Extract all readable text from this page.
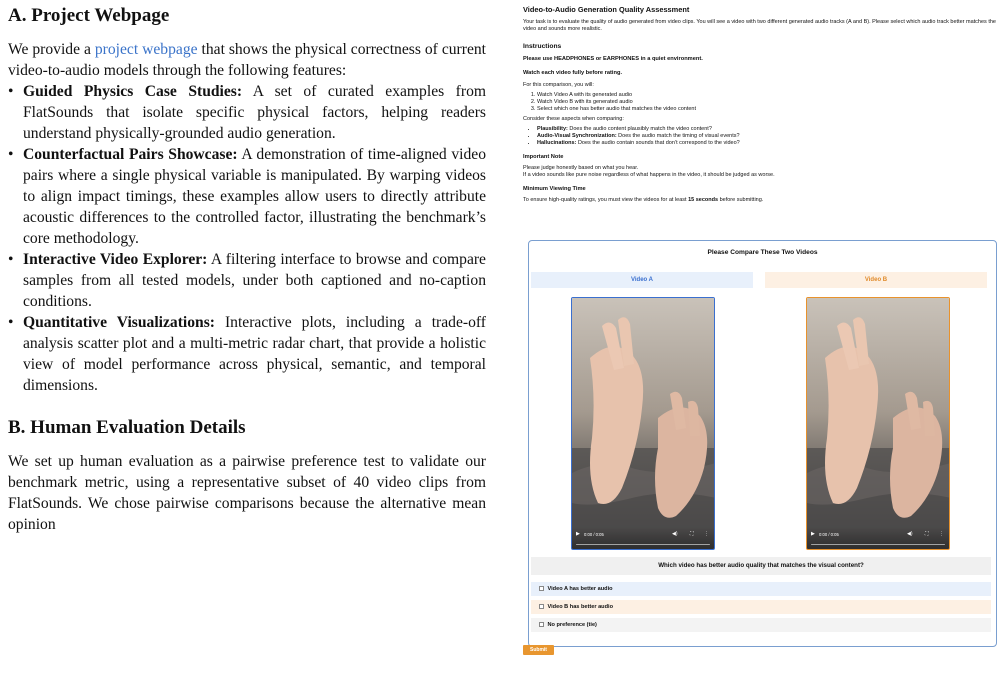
A. Project Webpage

We provide a project webpage that shows the physical correctness of current video-to-audio models through the following features:

• Guided Physics Case Studies: A set of curated examples from FlatSounds that isolate specific physical factors, helping readers understand physically-grounded audio generation.
• Counterfactual Pairs Showcase: A demonstration of time-aligned video pairs where a single physical variable is manipulated. By warping videos to align impact timings, these examples allow users to directly attribute acoustic differences to the controlled factor, illustrating the benchmark’s core methodology.
• Interactive Video Explorer: A filtering interface to browse and compare samples from all tested models, under both captioned and no-caption conditions.
• Quantitative Visualizations: Interactive plots, including a trade-off analysis scatter plot and a multi-metric radar chart, that provide a holistic view of model performance across physical, semantic, and temporal dimensions.
B. Human Evaluation Details

We set up human evaluation as a pairwise preference test to validate our benchmark metric, using a representative subset of 40 video clips from FlatSounds. We chose pairwise comparisons because the alternative mean opinion

Video-to-Audio Generation Quality Assessment
Your task is to evaluate the quality of audio generated from video clips. You will see a video with two different generated audio tracks (A and B). Please select which audio track better matches the video and sounds more realistic.
Instructions
Please use HEADPHONES or EARPHONES in a quiet environment.
Watch each video fully before rating.
For this comparison, you will:
1. Watch Video A with its generated audio
2. Watch Video B with its generated audio
3. Select which one has better audio that matches the video content
Consider these aspects when comparing:
• Plausibility: Does the audio content plausibly match the video content?
• Audio-Visual Synchronization: Does the audio match the timing of visual events?
• Hallucinations: Does the audio contain sounds that don’t correspond to the video?
Important Note
Please judge honestly based on what you hear.
If a video sounds like pure noise regardless of what happens in the video, it should be judged as worse.
Minimum Viewing Time
To ensure high-quality ratings, you must view the videos for at least 15 seconds before submitting.
Please Compare These Two Videos
Video A	Video B
▶ 0:00 / 0:05	◀) ⛶ ⋮	▶ 0:00 / 0:05	◀) ⛶ ⋮
Which video has better audio quality that matches the visual content?
Video A has better audio
Video B has better audio
No preference (tie)
Submit
